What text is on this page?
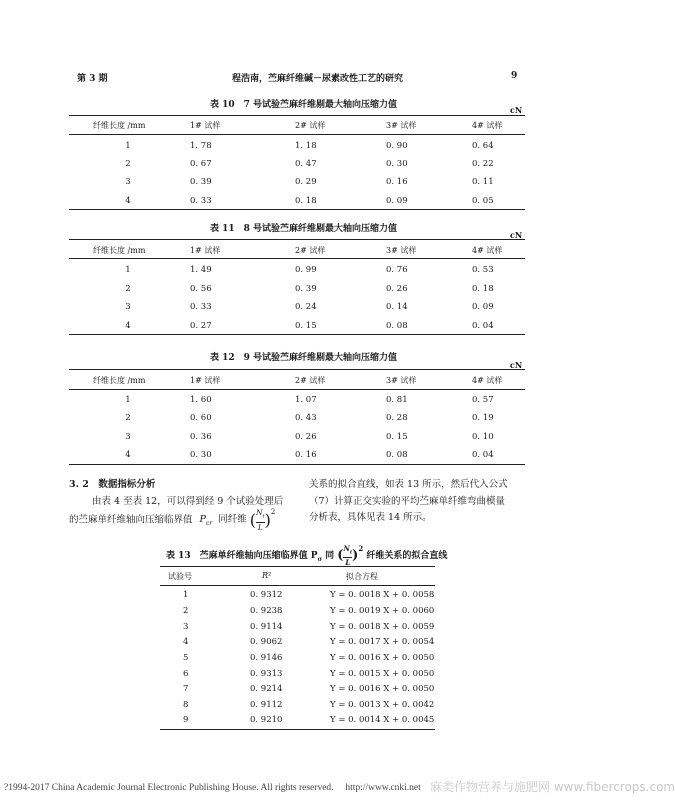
第 3 期	程浩南，苎麻纤维碱－尿素改性工艺的研究	9
表 10　7 号试验苎麻纤维剔最大轴向压缩力值	cN
纤维长度 /mm	1# 试样	2# 试样	3# 试样	4# 试样
1	1. 78	1. 18	0. 90	0. 64
2	0. 67	0. 47	0. 30	0. 22
3	0. 39	0. 29	0. 16	0. 11
4	0. 33	0. 18	0. 09	0. 05
表 11　8 号试验苎麻纤维剔最大轴向压缩力值
cN
纤维长度 /mm	1# 试样	2# 试样	3# 试样	4# 试样
1	1. 49	0. 99	0. 76	0. 53
2	0. 56	0. 39	0. 26	0. 18
3	0. 33	0. 24	0. 14	0. 09
4	0. 27	0. 15	0. 08	0. 04
表 12　9 号试验苎麻纤维剔最大轴向压缩力值
cN
纤维长度 /mm	1# 试样	2# 试样	3# 试样	4# 试样
1	1. 60	1. 07	0. 81	0. 57
2	0. 60	0. 43	0. 28	0. 19
3	0. 36	0. 26	0. 15	0. 10
4	0. 30	0. 16	0. 08	0. 04
3. 2　数据指标分析
由表 4 至表 12，可以得到经 9 个试验处理后
的苎麻单纤维轴向压缩临界值 $P_{cr}$ 同纤维 ( $\frac{N_t}{L} )^2$
关系的拟合直线，如表 13 所示，然后代入公式
（7）计算正交实验的平均苎麻单纤维弯曲模量
分析表，具体见表 14 所示。
表 13　苎麻单纤维轴向压缩临界值 $P_\sigma$ 同 ( $\frac{N_t}{L} )^2$ 纤维关系的拟合直线
试验号	R²	拟合方程
1	0. 9312	Y = 0. 0018 X + 0. 0058
2	0. 9238	Y = 0. 0019 X + 0. 0060
3	0. 9114	Y = 0. 0018 X + 0. 0059
4	0. 9062	Y = 0. 0017 X + 0. 0054
5	0. 9146	Y = 0. 0016 X + 0. 0050
6	0. 9313	Y = 0. 0015 X + 0. 0050
7	0. 9214	Y = 0. 0016 X + 0. 0050
8	0. 9112	Y = 0. 0013 X + 0. 0042
9	0. 9210	Y = 0. 0014 X + 0. 0045
?1994-2017 China Academic Journal Electronic Publishing House. All rights reserved.　 http://www.cnki.net 麻类作物营养与施肥网 www.fibercrops.com
